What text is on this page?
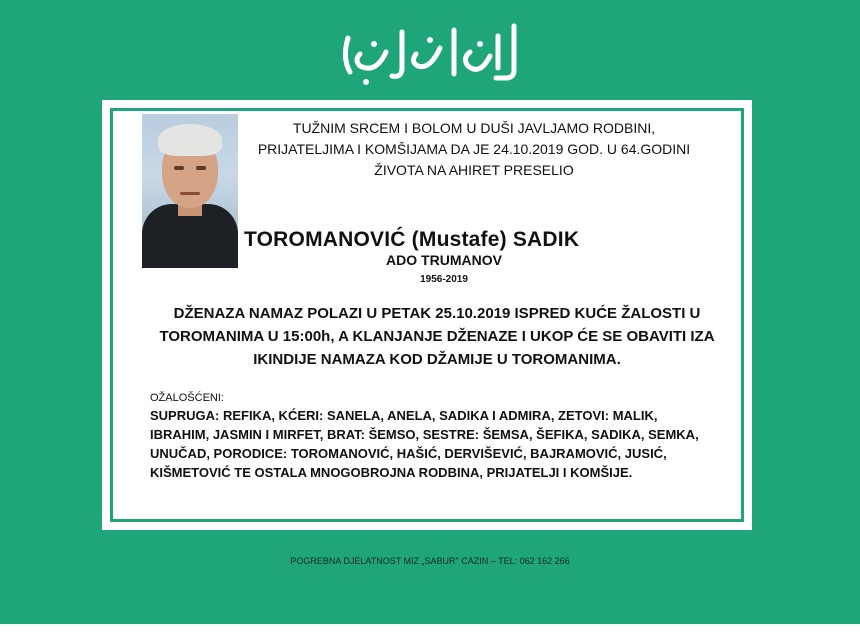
TUŽNIM SRCEM I BOLOM U DUŠI JAVLJAMO RODBINI, PRIJATELJIMA I KOMŠIJAMA DA JE 24.10.2019 GOD. U 64.GODINI ŽIVOTA NA AHIRET PRESELIO
TOROMANOVIĆ (Mustafe) SADIK
ADO TRUMANOV
1956-2019
DŽENAZA NAMAZ POLAZI U PETAK 25.10.2019 ISPRED KUĆE ŽALOSTI U TOROMANIMA U 15:00h, A KLANJANJE DŽENAZE I UKOP ĆE SE OBAVITI IZA IKINDIJE NAMAZA KOD DŽAMIJE U TOROMANIMA.
OŽALOŠĆENI:
SUPRUGA: REFIKA, KĆERI: SANELA, ANELA, SADIKA I ADMIRA, ZETOVI: MALIK, IBRAHIM, JASMIN I MIRFET, BRAT: ŠEMSO, SESTRE: ŠEMSA, ŠEFIKA, SADIKA, SEMKA, UNUČAD, PORODICE: TOROMANOVIĆ, HAŠIĆ, DERVIŠEVIĆ, BAJRAMOVIĆ, JUSIĆ, KIŠMETOVIĆ TE OSTALA MNOGOBROJNA RODBINA, PRIJATELJI I KOMŠIJE.
POGREBNA DJELATNOST MIZ „SABUR" CAZIN – TEL: 062 162 266
